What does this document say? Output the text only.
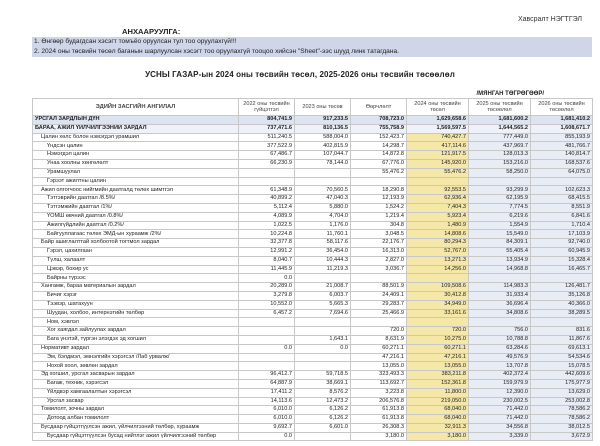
Хавсралт НЭГТГЭЛ
АНХААРУУЛГА:
1. Өнгөөр будагдсан хэсэгт томъёо оруулсан тул тоо оруулахгүй!!!
2. 2024 оны төсвийн төсөл баганын шарлуулсан хэсэгт тоо оруулахгүй тооцоо хийсэн "Sheet"-ээс шууд линк татагдана.
УСНЫ ГАЗАР-ын 2024 оны төсвийн төсөл, 2025-2026 оны төсвийн төсөөлөл
/МЯНГАН ТӨГРӨГӨӨР/
ЭДИЙН ЗАСГИЙН АНГИЛАЛ	2022 оны төсвийн гүйцэтгэл	2023 оны төсөв	Өөрчлөлт	2024 оны төсвийн төсөл	2025 оны төсвийн төсөөлөл	2026 оны төсвийн төсөөлөл
УРСГАЛ ЗАРДЛЫН ДҮН	804,741.9	917,233.5	708,723.0	1,629,658.6	1,681,600.2	1,681,410.2
БАРАА, АЖИЛ ҮЙЛЧИЛГЭЭНИЙ ЗАРДАЛ	737,471.6	810,136.5	755,758.9	1,569,597.5	1,644,565.2	1,608,671.7
Цалин хөлс болон нэмэгдэл урамшил	511,240.5	588,004.0	152,423.7	740,427.7	777,449.0	855,193.9
Үндсэн цалин	377,522.9	402,815.9	14,298.7	417,114.6	437,969.7	481,766.7
Нэмэгдэл цалин	67,486.7	107,044.7	14,872.8	121,917.5	128,013.3	140,814.7
Унаа хоолны хөнгөлөлт	66,230.9	78,144.0	67,776.0	145,920.0	153,216.0	168,537.6
Урамшуулал			55,476.2	55,476.2	58,250.0	64,075.0
Гэрээт ажилтны цалин						
Ажил олгогчоос нийгмийн даатгалд төлөх шимтгэл	61,348.9	70,560.5	18,290.8	92,553.5	93,299.9	102,623.3
Тэтгэврийн даатгал /8.5%/	40,899.2	47,040.3	12,193.9	62,936.4	62,195.9	68,415.5
Тэтгэмжийн даатгал /1%/	5,112.4	5,880.0	1,524.2	7,404.3	7,774.5	8,551.9
ҮОМШ өвчний даатгал /0.8%/	4,089.9	4,704.0	1,219.4	5,923.4	6,219.6	6,841.6
Ажилгүйдлийн даатгал /0.2%/	1,022.5	1,176.0	304.8	1,480.9	1,554.9	1,710.4
Байгууллагаас төлөх ЭМД-ын хураамж /2%/	10,224.8	11,760.1	3,048.5	14,808.6	15,549.0	17,103.9
Байр ашиглалттай холбоотой тогтмол зардал	32,377.8	58,117.6	22,176.7	80,294.3	84,309.1	92,740.0
Гэрэл, цахилгаан	12,991.2	36,454.0	16,313.0	52,767.0	55,405.4	60,945.9
Түлш, халаалт	8,040.7	10,444.3	2,827.0	13,271.3	13,934.9	15,328.4
Цэвэр, бохир ус	11,445.9	11,219.3	3,036.7	14,256.0	14,968.8	16,465.7
Байрны түрээс	0.0					
Хангамж, бараа материалын зардал	20,289.0	21,008.7	88,501.9	109,508.6	114,983.3	126,481.7
Бичиг хэрэг	3,279.8	6,003.7	24,409.1	30,412.8	31,933.4	35,126.8
Тээвэр, шатахуун	10,552.0	5,665.3	29,283.7	34,949.0	36,696.4	40,366.0
Шуудан, холбоо, интернэтийн төлбөр	6,457.2	7,694.6	25,466.9	33,161.6	34,808.6	38,289.5
Ном, хэвлэл						
Хог хаягдал зайлуулах зардал			720.0	720.0	756.0	831.6
Бага үнэтэй, түргэн элэгдэх эд хогшил		1,643.1	8,631.9	10,275.0	10,788.8	11,867.6
Нормативт зардал	0.0	0.0	60,271.1	60,271.1	63,284.6	69,613.1
Эм, бэлдмэл, эмнэлгийн хэрэгсэл /Лаб урвалж/			47,216.1	47,216.1	49,576.9	54,534.6
Нохой хоол, зөвлөн зардал			13,055.0	13,055.0	13,707.8	15,078.5
Эд хогшил, урсгал засварын зардал	96,412.7	59,718.5	323,493.3	383,211.8	402,372.4	442,609.6
Багаж, техник, хэрэгсэл	64,887.9	38,669.1	113,692.7	152,361.8	159,979.9	175,977.9
Үйлдвэр хамгаалалтын хэрэгсэл	17,411.2	8,576.2	3,223.8	11,800.0	12,390.0	13,629.0
Урсгал засвар	14,113.6	12,473.2	206,576.8	219,050.0	230,002.5	253,002.8
Томилолт, зочны зардал	6,010.0	6,126.2	61,913.8	68,040.0	71,442.0	78,586.2
Дотоод албан томилолт	6,010.0	6,126.2	61,913.8	68,040.0	71,442.0	78,586.2
Бусдаар гүйцэтгүүлсэн ажил, үйлчилгээний төлбөр, хураамж	9,692.7	6,601.0	26,308.3	32,911.3	34,556.8	38,012.5
Бусдаар гүйцэтгүүлсэн бусад нийтлэг ажил үйлчилгээний төлбөр	0.0		3,180.0	3,180.0	3,339.0	3,672.9
